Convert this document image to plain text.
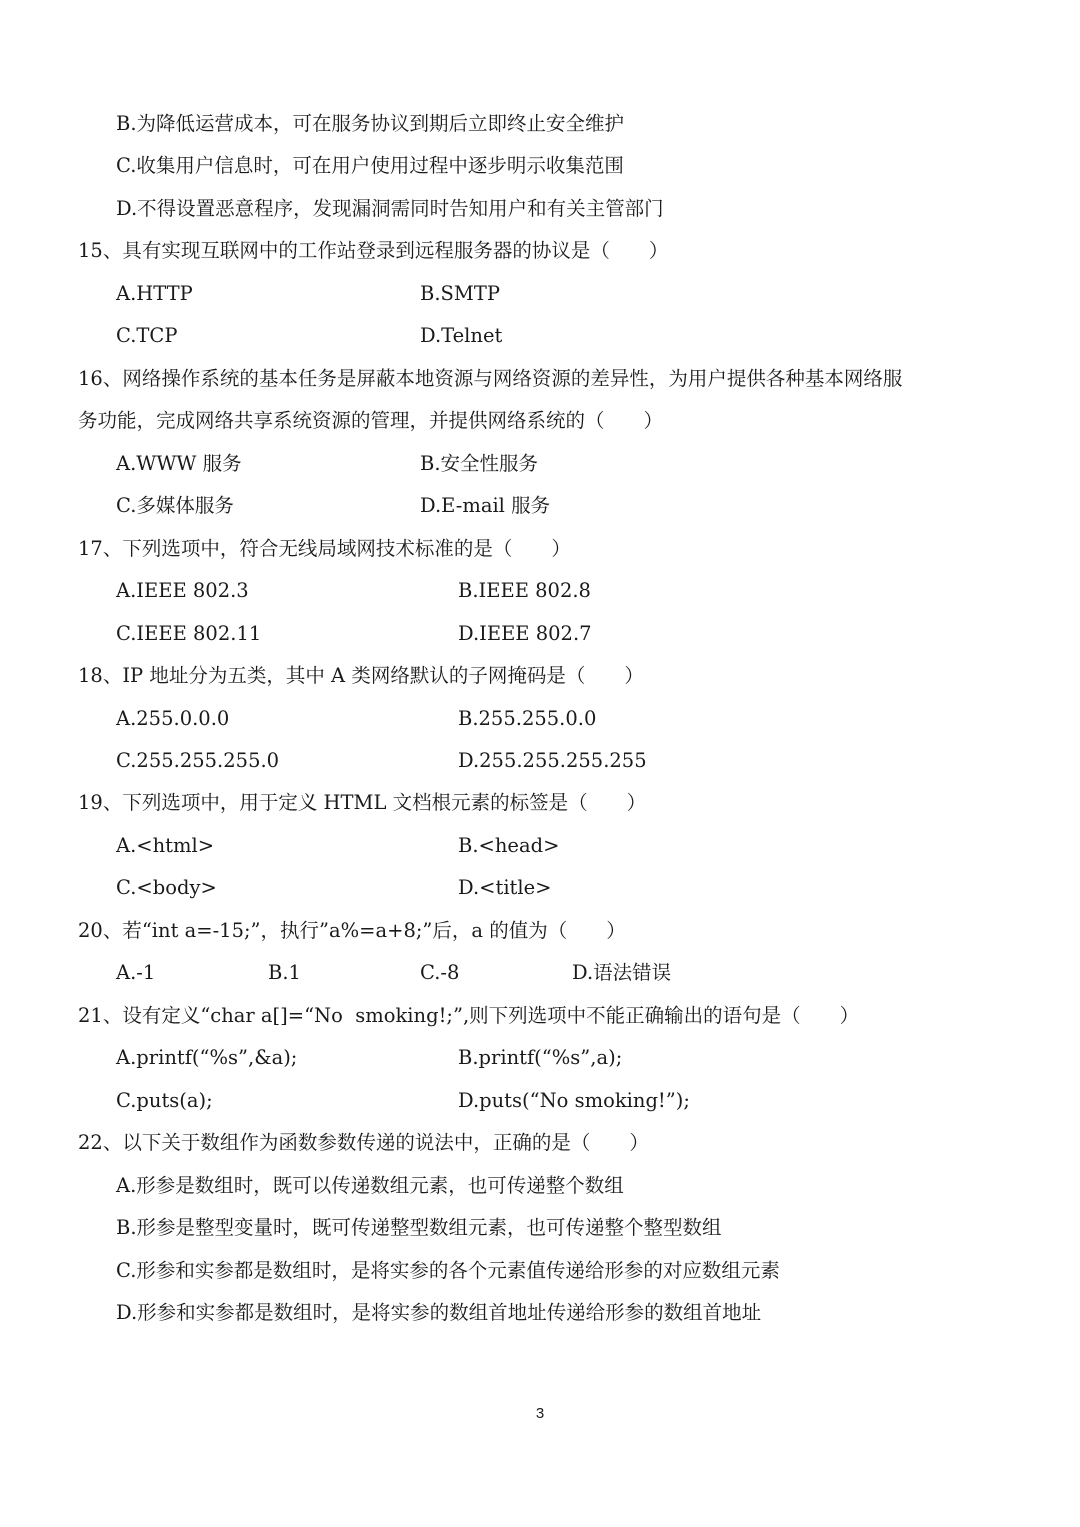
B.为降低运营成本，可在服务协议到期后立即终止安全维护
C.收集用户信息时，可在用户使用过程中逐步明示收集范围
D.不得设置恶意程序，发现漏洞需同时告知用户和有关主管部门
15、具有实现互联网中的工作站登录到远程服务器的协议是（　　）
A.HTTP	B.SMTP
C.TCP	D.Telnet
16、网络操作系统的基本任务是屏蔽本地资源与网络资源的差异性，为用户提供各种基本网络服
务功能，完成网络共享系统资源的管理，并提供网络系统的（　　）
A.WWW 服务	B.安全性服务
C.多媒体服务	D.E-mail 服务
17、下列选项中，符合无线局域网技术标准的是（　　）
A.IEEE 802.3	B.IEEE 802.8
C.IEEE 802.11	D.IEEE 802.7
18、IP 地址分为五类，其中 A 类网络默认的子网掩码是（　　）
A.255.0.0.0	B.255.255.0.0
C.255.255.255.0	D.255.255.255.255
19、下列选项中，用于定义 HTML 文档根元素的标签是（　　）
A.<html>	B.<head>
C.<body>	D.<title>
20、若“int a=-15;”，执行”a%=a+8;”后，a 的值为（　　）
A.-1	B.1	C.-8	D.语法错误
21、设有定义“char a[]=“No  smoking!;”,则下列选项中不能正确输出的语句是（　　）
A.printf(“%s”,&a);	B.printf(“%s”,a);
C.puts(a);	D.puts(“No smoking!”);
22、以下关于数组作为函数参数传递的说法中，正确的是（　　）
A.形参是数组时，既可以传递数组元素，也可传递整个数组
B.形参是整型变量时，既可传递整型数组元素，也可传递整个整型数组
C.形参和实参都是数组时，是将实参的各个元素值传递给形参的对应数组元素
D.形参和实参都是数组时，是将实参的数组首地址传递给形参的数组首地址
3
